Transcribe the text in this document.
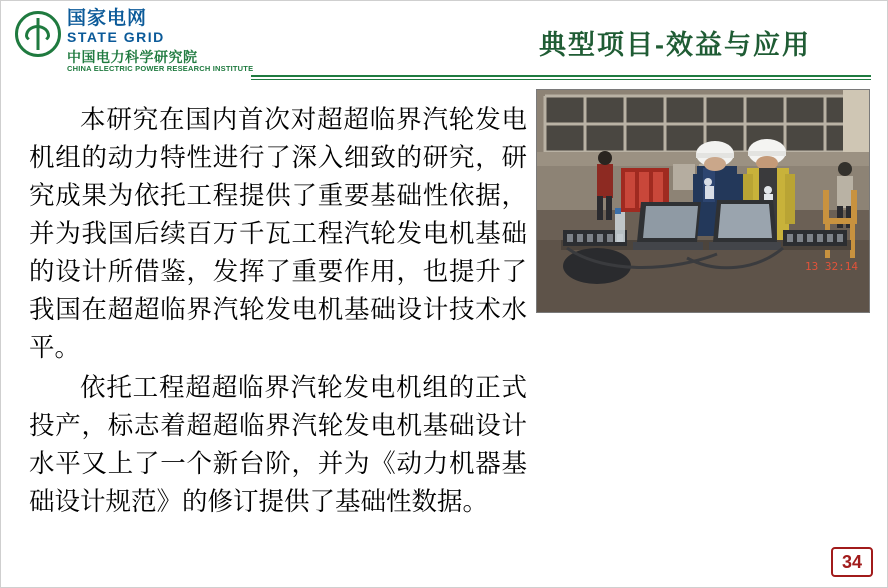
国家电网
STATE GRID
中国电力科学研究院
CHINA ELECTRIC POWER RESEARCH INSTITUTE
典型项目-效益与应用

本研究在国内首次对超超临界汽轮发电机组的动力特性进行了深入细致的研究，研究成果为依托工程提供了重要基础性依据，并为我国后续百万千瓦工程汽轮发电机基础的设计所借鉴，发挥了重要作用，也提升了我国在超超临界汽轮发电机基础设计技术水平。

依托工程超超临界汽轮发电机组的正式投产，标志着超超临界汽轮发电机基础设计水平又上了一个新台阶，并为《动力机器基础设计规范》的修订提供了基础性数据。

13 32:14
34
